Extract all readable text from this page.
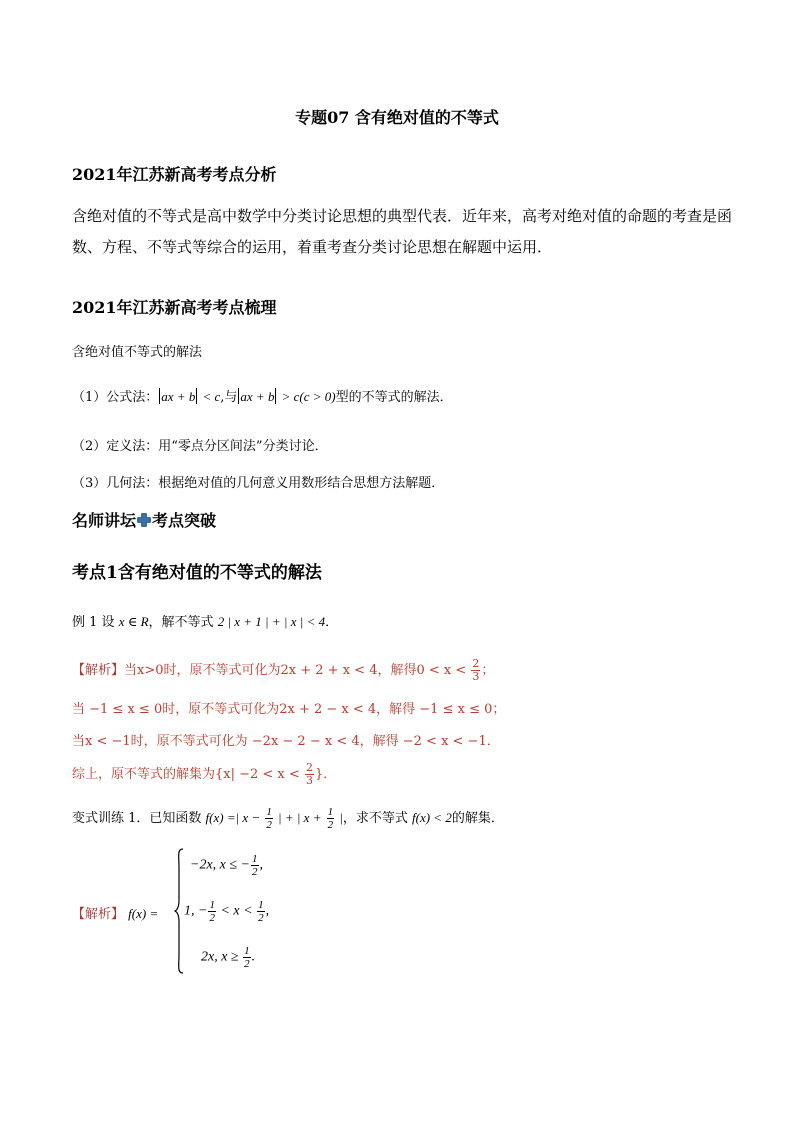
专题07 含有绝对值的不等式
2021年江苏新高考考点分析
含绝对值的不等式是高中数学中分类讨论思想的典型代表．近年来，高考对绝对值的命题的考查是函数、方程、不等式等综合的运用，着重考查分类讨论思想在解题中运用．
2021年江苏新高考考点梳理
含绝对值不等式的解法
（1）公式法： ax + b < c,与 ax + b > c(c > 0)型的不等式的解法．
（2）定义法：用“零点分区间法”分类讨论．
（3）几何法：根据绝对值的几何意义用数形结合思想方法解题．
名师讲坛 考点突破
考点1含有绝对值的不等式的解法
例 1 设 x ∈ R，解不等式 2 | x + 1 | + | x | < 4．
【解析】当x>0时，原不等式可化为2x + 2 + x < 4，解得$0 < x < \frac{2}{3}$ ；
当 −1 ≤ x ≤ 0时，原不等式可化为2x + 2 − x < 4，解得 −1 ≤ x ≤ 0；
当x < −1时，原不等式可化为 −2x − 2 − x < 4，解得 −2 < x < −1．
综上，原不等式的解集为{$x| -2 < x < \frac{2}{3}$ }．
变式训练 1．已知函数 f(x) =| $x - \frac{1}{2}$ | + | $x + \frac{1}{2}$ |，求不等式 f(x) < 2的解集．
【解析】 f(x) =
−2x, x ≤ − $\frac{1}{2}$ ,
1, − $\frac{1}{2} < x < \frac{1}{2}$ ,
2x, $x \ge \frac{1}{2}$ .
